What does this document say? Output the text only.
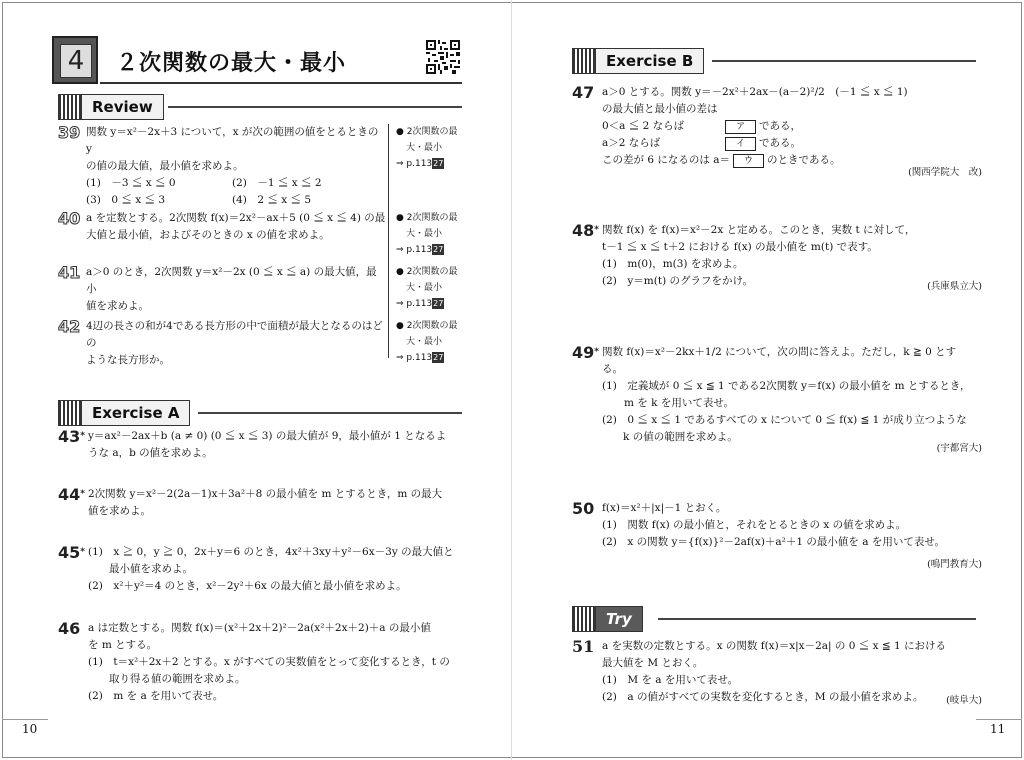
4	２次関数の最大・最小
Review
39 関数 y＝x²－2x＋3 について，x が次の範囲の値をとるときの y
の値の最大値，最小値を求めよ。
(1)　－3 ≦ x ≦ 0	(2)　－1 ≦ x ≦ 2
(3)　0 ≦ x ≦ 3	(4)　2 ≦ x ≦ 5
40 a を定数とする。2次関数 f(x)＝2x²－ax＋5 (0 ≦ x ≦ 4) の最
大値と最小値，およびそのときの x の値を求めよ。
41 a＞0 のとき，2次関数 y＝x²－2x (0 ≦ x ≦ a) の最大値，最小
値を求めよ。
42 4辺の長さの和が4である長方形の中で面積が最大となるのはどの
ような長方形か。
● 2次関数の最
大・最小
⇒ p.11327
● 2次関数の最
大・最小
⇒ p.11327
● 2次関数の最
大・最小
⇒ p.11327
● 2次関数の最
大・最小
⇒ p.11327
Exercise A
43* y＝ax²－2ax＋b (a ≠ 0) (0 ≦ x ≦ 3) の最大値が 9，最小値が 1 となるよ
うな a，b の値を求めよ。
44* 2次関数 y＝x²－2(2a－1)x＋3a²＋8 の最小値を m とするとき，m の最大
値を求めよ。
45* (1)　x ≧ 0，y ≧ 0，2x＋y＝6 のとき，4x²＋3xy＋y²－6x－3y の最大値と
　　最小値を求めよ。
(2)　x²＋y²＝4 のとき，x²－2y²＋6x の最大値と最小値を求めよ。
46 a は定数とする。関数 f(x)＝(x²＋2x＋2)²－2a(x²＋2x＋2)＋a の最小値
を m とする。
(1)　t＝x²＋2x＋2 とする。x がすべての実数値をとって変化するとき，t の
　　取り得る値の範囲を求めよ。
(2)　m を a を用いて表せ。
10
Exercise B
47 a＞0 とする。関数 y＝－2x²＋2ax－(a－2)²/2　(－1 ≦ x ≦ 1)
の最大値と最小値の差は
0＜a ≦ 2 ならば	ア である，
a＞2 ならば	イ である。
この差が 6 になるのは a＝ ウ のときである。
(関西学院大　改)
48* 関数 f(x) を f(x)＝x²－2x と定める。このとき，実数 t に対して，
t－1 ≦ x ≦ t＋2 における f(x) の最小値を m(t) で表す。
(1)　m(0)，m(3) を求めよ。
(2)　y＝m(t) のグラフをかけ。	(兵庫県立大)
49* 関数 f(x)＝x²－2kx＋1/2 について，次の問に答えよ。ただし，k ≧ 0 とす
る。
(1)　定義域が 0 ≦ x ≦ 1 である2次関数 y＝f(x) の最小値を m とするとき，m を k を用いて表せ。
(2)　0 ≦ x ≦ 1 であるすべての x について 0 ≦ f(x) ≦ 1 が成り立つような
　　k の値の範囲を求めよ。
(宇都宮大)
50 f(x)＝x²＋|x|－1 とおく。
(1)　関数 f(x) の最小値と，それをとるときの x の値を求めよ。
(2)　x の関数 y＝{f(x)}²－2af(x)＋a²＋1 の最小値を a を用いて表せ。
(鳴門教育大)
Try
51 a を実数の定数とする。x の関数 f(x)＝x|x－2a| の 0 ≦ x ≦ 1 における
最大値を M とおく。
(1)　M を a を用いて表せ。
(2)　a の値がすべての実数を変化するとき，M の最小値を求めよ。	(岐阜大)
11
